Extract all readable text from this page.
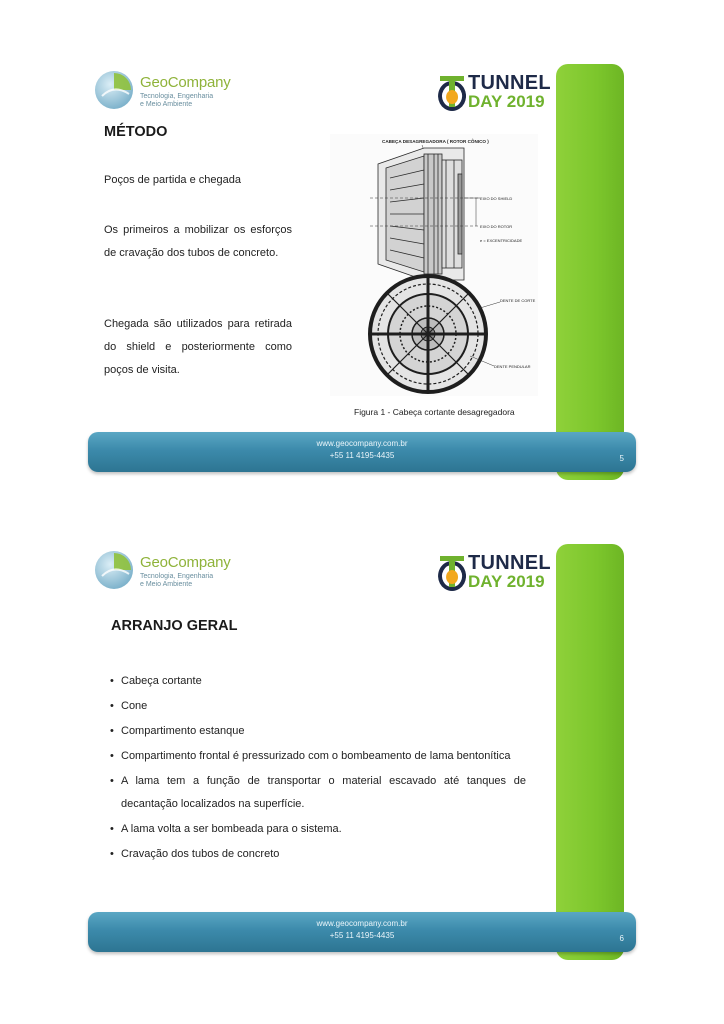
GeoCompany
Tecnologia, Engenharia
e Meio Ambiente
TUNNEL
DAY 2019
MÉTODO
Poços de partida e chegada
Os primeiros a mobilizar os esforços de cravação dos tubos de concreto.
Chegada são utilizados para retirada do shield e posteriormente como poços de visita.
CABEÇA DESAGREGADORA ( ROTOR CÔNICO )
EIXO DO SHIELD
EIXO DO ROTOR
e = EXCENTRICIDADE
DENTE DE CORTE
DENTE PENDULAR
Figura 1 - Cabeça cortante desagregadora
www.geocompany.com.br
+55 11 4195-4435	5
GeoCompany
Tecnologia, Engenharia
e Meio Ambiente
TUNNEL
DAY 2019
ARRANJO GERAL
• Cabeça cortante
• Cone
• Compartimento estanque
• Compartimento frontal é pressurizado com o bombeamento de lama bentonítica
• A lama tem a função de transportar o material escavado até tanques de decantação localizados na superfície.
• A lama volta a ser bombeada para o sistema.
• Cravação dos tubos de concreto
www.geocompany.com.br
+55 11 4195-4435	6
